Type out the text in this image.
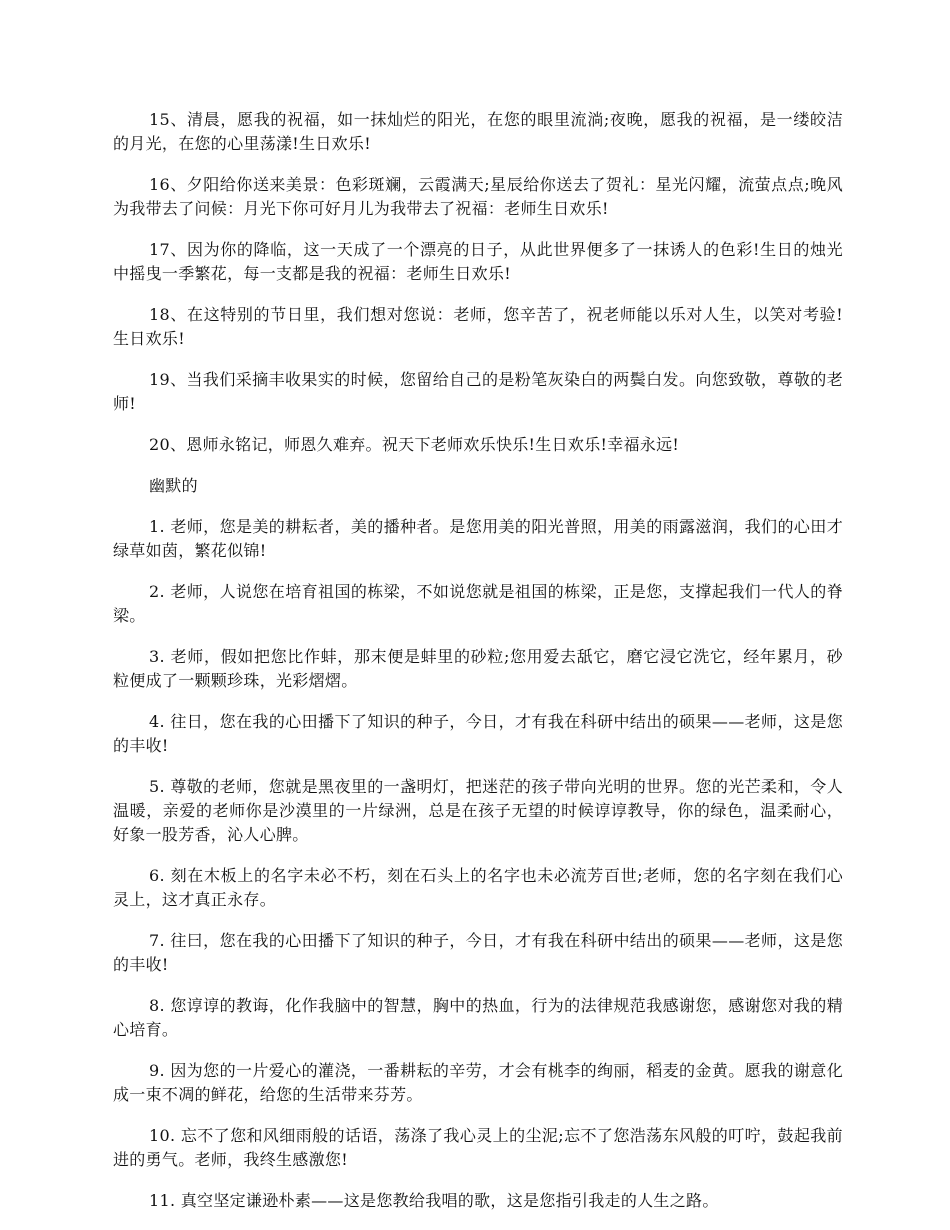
15、清晨，愿我的祝福，如一抹灿烂的阳光，在您的眼里流淌;夜晚，愿我的祝福，是一缕皎洁的月光，在您的心里荡漾!生日欢乐!

16、夕阳给你送来美景：色彩斑斓，云霞满天;星辰给你送去了贺礼：星光闪耀，流萤点点;晚风为我带去了问候：月光下你可好月儿为我带去了祝福：老师生日欢乐!

17、因为你的降临，这一天成了一个漂亮的日子，从此世界便多了一抹诱人的色彩!生日的烛光中摇曳一季繁花，每一支都是我的祝福：老师生日欢乐!

18、在这特别的节日里，我们想对您说：老师，您辛苦了，祝老师能以乐对人生，以笑对考验!生日欢乐!

19、当我们采摘丰收果实的时候，您留给自己的是粉笔灰染白的两鬓白发。向您致敬，尊敬的老师!

20、恩师永铭记，师恩久难弃。祝天下老师欢乐快乐!生日欢乐!幸福永远!

幽默的

1. 老师，您是美的耕耘者，美的播种者。是您用美的阳光普照，用美的雨露滋润，我们的心田才绿草如茵，繁花似锦!

2. 老师，人说您在培育祖国的栋梁，不如说您就是祖国的栋梁，正是您，支撑起我们一代人的脊梁。

3. 老师，假如把您比作蚌，那末便是蚌里的砂粒;您用爱去舐它，磨它浸它洗它，经年累月，砂粒便成了一颗颗珍珠，光彩熠熠。

4. 往日，您在我的心田播下了知识的种子，今日，才有我在科研中结出的硕果——老师，这是您的丰收!

5. 尊敬的老师，您就是黑夜里的一盏明灯，把迷茫的孩子带向光明的世界。您的光芒柔和，令人温暖，亲爱的老师你是沙漠里的一片绿洲，总是在孩子无望的时候谆谆教导，你的绿色，温柔耐心，好象一股芳香，沁人心脾。

6. 刻在木板上的名字未必不朽，刻在石头上的名字也未必流芳百世;老师，您的名字刻在我们心灵上，这才真正永存。

7. 往曰，您在我的心田播下了知识的种子，今日，才有我在科研中结出的硕果——老师，这是您的丰收!

8. 您谆谆的教诲，化作我脑中的智慧，胸中的热血，行为的法律规范我感谢您，感谢您对我的精心培育。

9. 因为您的一片爱心的灌浇，一番耕耘的辛劳，才会有桃李的绚丽，稻麦的金黄。愿我的谢意化成一束不凋的鲜花，给您的生活带来芬芳。

10. 忘不了您和风细雨般的话语，荡涤了我心灵上的尘泥;忘不了您浩荡东风般的叮咛，鼓起我前进的勇气。老师，我终生感激您!

11. 真空坚定谦逊朴素——这是您教给我唱的歌，这是您指引我走的人生之路。
